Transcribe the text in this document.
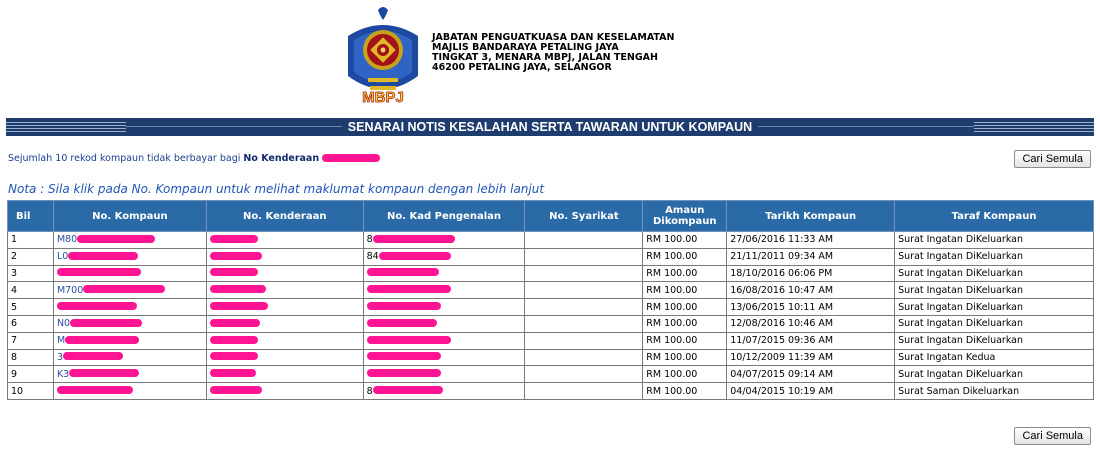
MBPJ
JABATAN PENGUATKUASA DAN KESELAMATAN
MAJLIS BANDARAYA PETALING JAYA
TINGKAT 3, MENARA MBPJ, JALAN TENGAH
46200 PETALING JAYA, SELANGOR
SENARAI NOTIS KESALAHAN SERTA TAWARAN UNTUK KOMPAUN
Sejumlah 10 rekod kompaun tidak berbayar bagi No Kenderaan	Cari Semula
Nota : Sila klik pada No. Kompaun untuk melihat maklumat kompaun dengan lebih lanjut
Bil	No. Kompaun	No. Kenderaan	No. Kad Pengenalan	No. Syarikat	Amaun Dikompaun	Tarikh Kompaun	Taraf Kompaun
1	M80		8		RM 100.00	27/06/2016 11:33 AM	Surat Ingatan DiKeluarkan
2	L0		84		RM 100.00	21/11/2011 09:34 AM	Surat Ingatan DiKeluarkan
3					RM 100.00	18/10/2016 06:06 PM	Surat Ingatan DiKeluarkan
4	M700				RM 100.00	16/08/2016 10:47 AM	Surat Ingatan DiKeluarkan
5					RM 100.00	13/06/2015 10:11 AM	Surat Ingatan DiKeluarkan
6	N0				RM 100.00	12/08/2016 10:46 AM	Surat Ingatan DiKeluarkan
7	M				RM 100.00	11/07/2015 09:36 AM	Surat Ingatan DiKeluarkan
8	3				RM 100.00	10/12/2009 11:39 AM	Surat Ingatan Kedua
9	K3				RM 100.00	04/07/2015 09:14 AM	Surat Ingatan DiKeluarkan
10			8		RM 100.00	04/04/2015 10:19 AM	Surat Saman Dikeluarkan
Cari Semula
